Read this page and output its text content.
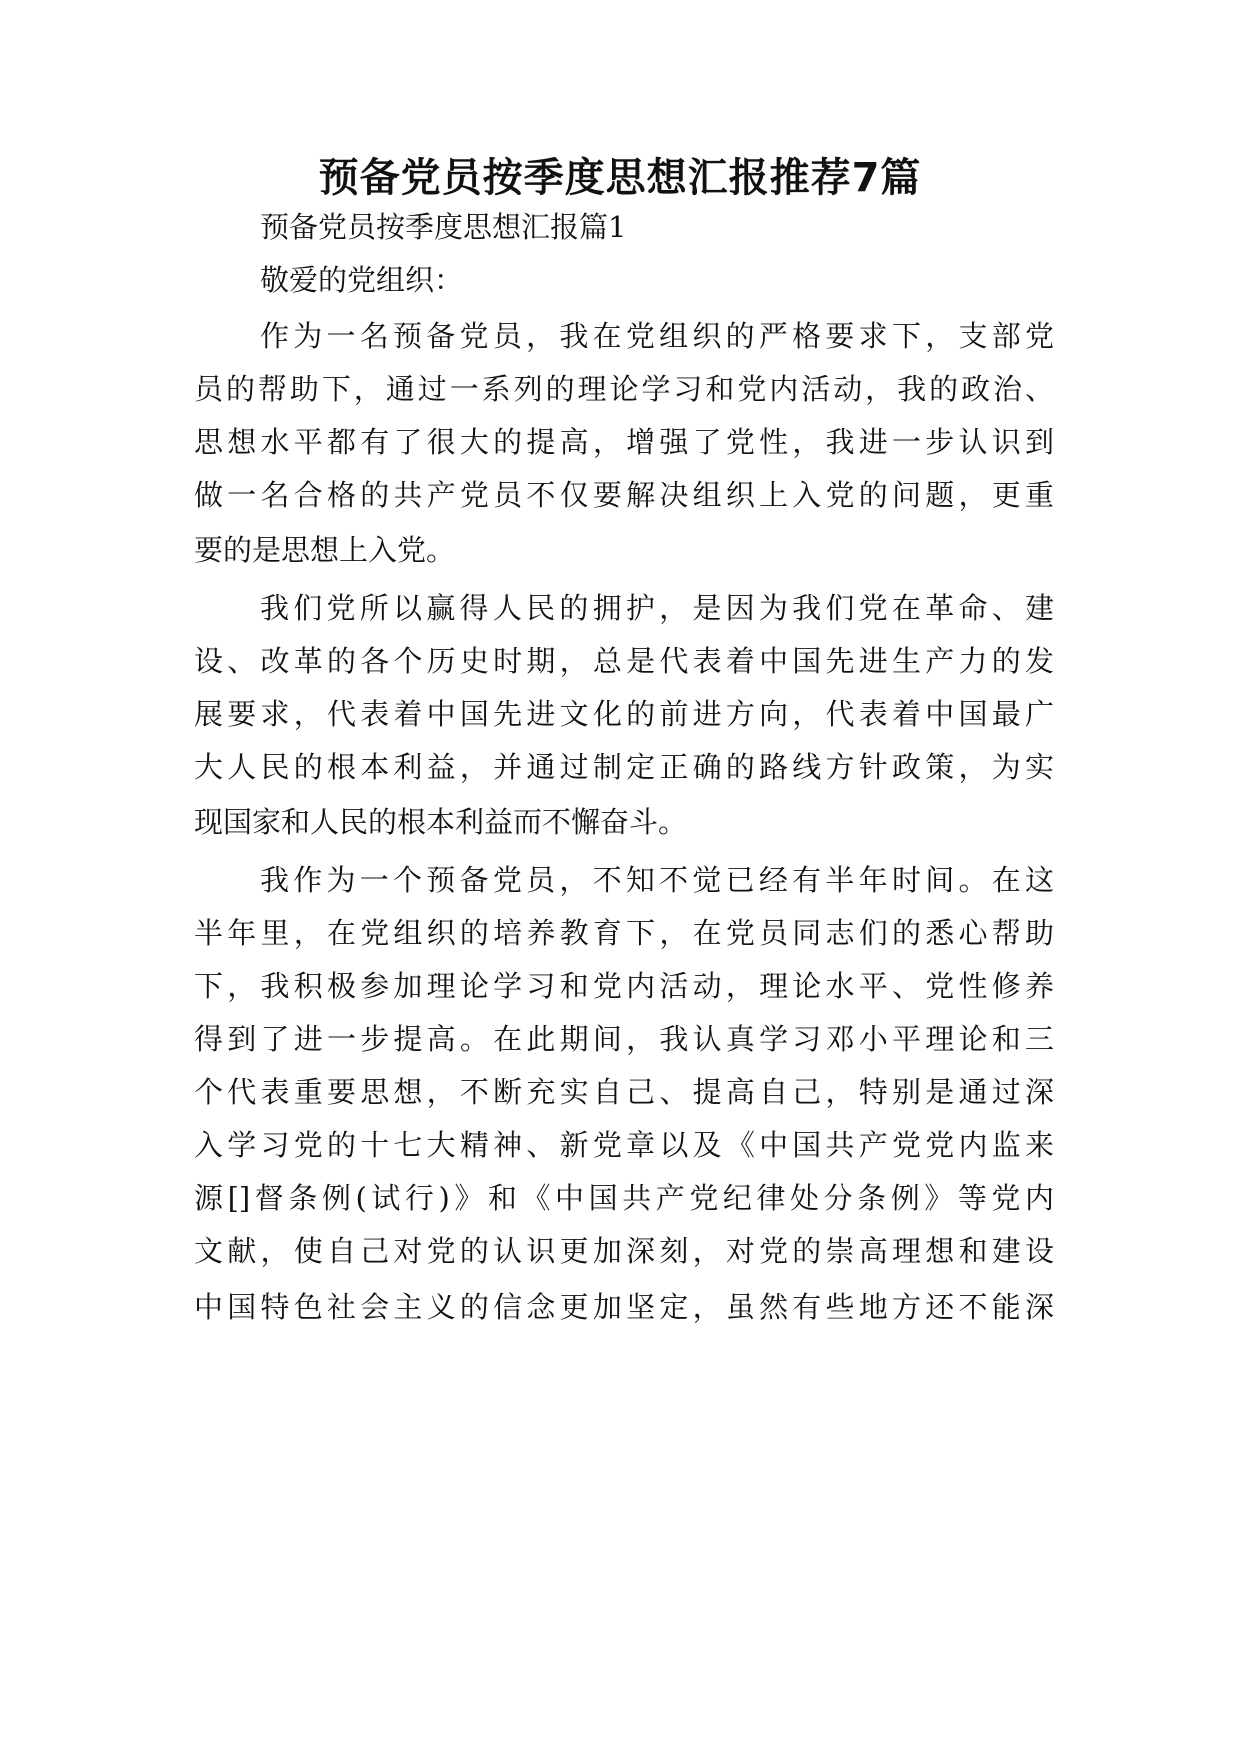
预备党员按季度思想汇报推荐7篇

预备党员按季度思想汇报篇1

敬爱的党组织：

作为一名预备党员，我在党组织的严格要求下，支部党

员的帮助下，通过一系列的理论学习和党内活动，我的政治、

思想水平都有了很大的提高，增强了党性，我进一步认识到

做一名合格的共产党员不仅要解决组织上入党的问题，更重

要的是思想上入党。

我们党所以赢得人民的拥护，是因为我们党在革命、建

设、改革的各个历史时期，总是代表着中国先进生产力的发

展要求，代表着中国先进文化的前进方向，代表着中国最广

大人民的根本利益，并通过制定正确的路线方针政策，为实

现国家和人民的根本利益而不懈奋斗。

我作为一个预备党员，不知不觉已经有半年时间。在这

半年里，在党组织的培养教育下，在党员同志们的悉心帮助

下，我积极参加理论学习和党内活动，理论水平、党性修养

得到了进一步提高。在此期间，我认真学习邓小平理论和三

个代表重要思想，不断充实自己、提高自己，特别是通过深

入学习党的十七大精神、新党章以及《中国共产党党内监来

源[]督条例(试行)》和《中国共产党纪律处分条例》等党内

文献，使自己对党的认识更加深刻，对党的崇高理想和建设

中国特色社会主义的信念更加坚定，虽然有些地方还不能深
